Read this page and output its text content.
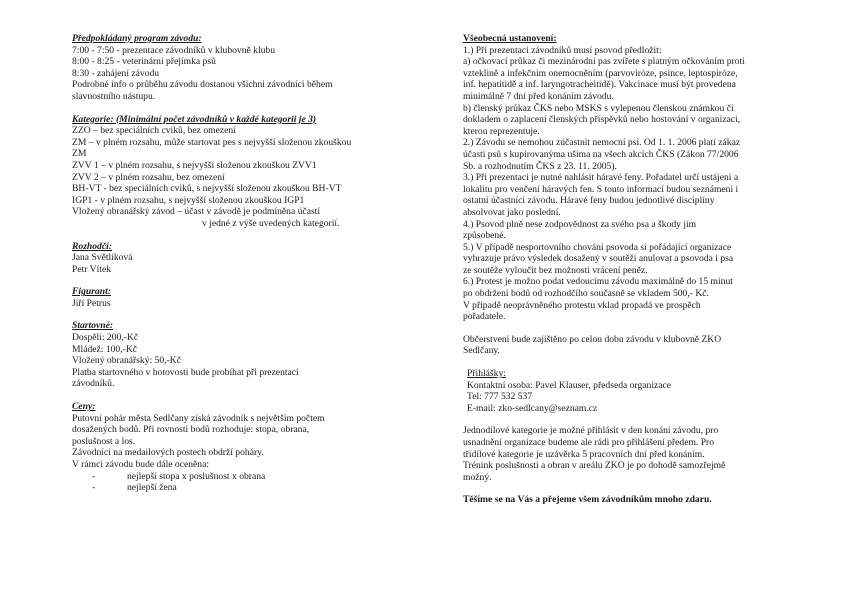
Předpokládaný program závodu:
7:00 - 7:50 - prezentace závodníků v klubovně klubu
8:00 - 8:25 - veterinární přejímka psů
8:30 - zahájení závodu
Podrobné info o průběhu závodu dostanou všichni závodníci během
slavnostního nástupu.
Kategorie: (Minimální počet závodníků v každé kategorii je 3)
ZZO – bez speciálních cviků, bez omezení
ZM – v plném rozsahu, může startovat pes s nejvyšší složenou zkouškou
ZM
ZVV 1 – v plném rozsahu, s nejvyšší složenou zkouškou ZVV1
ZVV 2 – v plném rozsahu, bez omezení
BH-VT - bez speciálních cviků, s nejvyšší složenou zkouškou BH-VT
IGP1 - v plném rozsahu, s nejvyšší složenou zkouškou IGP1
Vložený obranářský závod – účast v závodě je podmíněna účastí
v jedné z výše uvedených kategorií.
Rozhodčí:
Jana Světlíková
Petr Vítek
Figurant:
Jiří Petrus
Startovné:
Dospělí: 200,-Kč
Mládež: 100,-Kč
Vložený obranářský: 50,-Kč
Platba startovného v hotovosti bude probíhat při prezentaci
závodníků.
Ceny:
Putovní pohár města Sedlčany získá závodník s největším počtem
dosažených bodů. Při rovnosti bodů rozhoduje: stopa, obrana,
poslušnost a los.
Závodníci na medailových postech obdrží poháry.
V rámci závodu bude dále oceněna:
-	nejlepší stopa x poslušnost x obrana
-	nejlepší žena
Všeobecná ustanovení:
1.) Při prezentaci závodníků musí psovod předložit:
a) očkovací průkaz či mezinárodní pas zvířete s platným očkováním proti
vzteklině a infekčním onemocněním (parvoviróze, psince, leptospiróze,
inf. hepatitidě a inf. laryngotracheitidě). Vakcinace musí být provedena
minimálně 7 dní před konáním závodu.
b) členský průkaz ČKS nebo MSKS s vylepenou členskou známkou či
dokladem o zaplacení členských příspěvků nebo hostování v organizaci,
kterou reprezentuje.
2.) Závodu se nemohou zúčastnit nemocní psi. Od 1. 1. 2006 platí zákaz
účasti psů s kupírovanýma ušima na všech akcích ČKS (Zákon 77/2006
Sb. a rozhodnutím ČKS z 23. 11. 2005).
3.) Při prezentaci je nutné nahlásit háravé feny. Pořadatel určí ustájení a
lokalitu pro venčení háravých fen. S touto informací budou seznámeni i
ostatní účastníci závodu. Háravé feny budou jednotlivé disciplíny
absolvovat jako poslední.
4.) Psovod plně nese zodpovědnost za svého psa a škody jím
způsobené.
5.) V případě nesportovního chování psovoda si pořádající organizace
vyhrazuje právo výsledek dosažený v soutěži anulovat a psovoda i psa
ze soutěže vyloučit bez možnosti vrácení peněz.
6.) Protest je možno podat vedoucímu závodu maximálně do 15 minut
po obdržení bodů od rozhodčího současně se vkladem 500,- Kč.
V případě neoprávněného protestu vklad propadá ve prospěch
pořadatele.
Občerstvení bude zajištěno po celou dobu závodu v klubovně ZKO
Sedlčany.
Přihlášky:
Kontaktní osoba: Pavel Klauser, předseda organizace
Tel: 777 532 537
E-mail: zko-sedlcany@seznam.cz
Jednodílové kategorie je možné přihlásit v den konání závodu, pro
usnadnění organizace budeme ale rádi pro přihlášení předem. Pro
třídílové kategorie je uzávěrka 5 pracovních dní před konáním.
Trénink poslušnosti a obran v areálu ZKO je po dohodě samozřejmě
možný.
Těšíme se na Vás a přejeme všem závodníkům mnoho zdaru.
